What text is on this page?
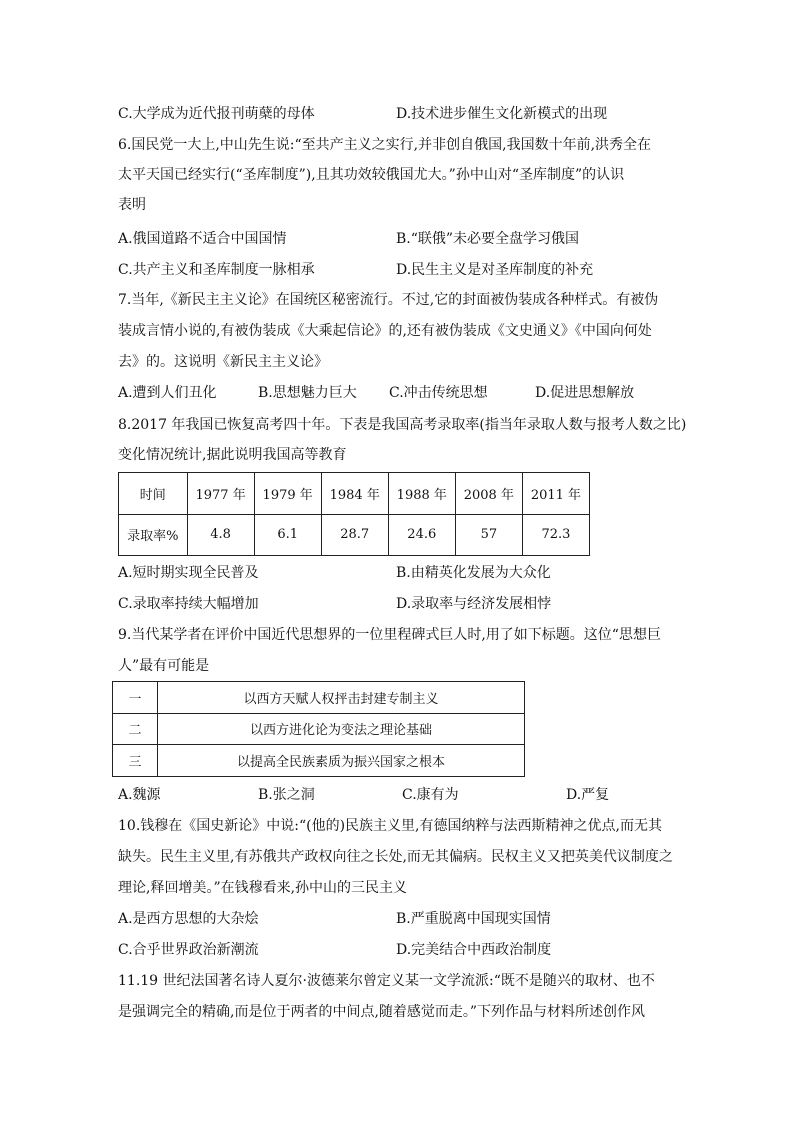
C.大学成为近代报刊萌蘖的母体	D.技术进步催生文化新模式的出现
6.国民党一大上,中山先生说:“至共产主义之实行,并非创自俄国,我国数十年前,洪秀全在
太平天国已经实行(“圣库制度”),且其功效较俄国尤大。”孙中山对“圣库制度”的认识
表明
A.俄国道路不适合中国国情	B.“联俄”未必要全盘学习俄国
C.共产主义和圣库制度一脉相承	D.民生主义是对圣库制度的补充
7.当年,《新民主主义论》在国统区秘密流行。不过,它的封面被伪装成各种样式。有被伪
装成言情小说的,有被伪装成《大乘起信论》的,还有被伪装成《文史通义》《中国向何处
去》的。这说明《新民主主义论》
A.遭到人们丑化	B.思想魅力巨大 C.冲击传统思想	D.促进思想解放
8.2017 年我国已恢复高考四十年。下表是我国高考录取率(指当年录取人数与报考人数之比)
变化情况统计,据此说明我国高等教育
时间	1977 年	1979 年	1984 年	1988 年	2008 年	2011 年
录取率%	4.8	6.1	28.7	24.6	57	72.3
A.短时期实现全民普及	B.由精英化发展为大众化
C.录取率持续大幅增加	D.录取率与经济发展相悖
9.当代某学者在评价中国近代思想界的一位里程碑式巨人时,用了如下标题。这位“思想巨
人”最有可能是
一	以西方天赋人权抨击封建专制主义
二	以西方进化论为变法之理论基础
三	以提高全民族素质为振兴国家之根本
A.魏源	B.张之洞	C.康有为	D.严复
10.钱穆在《国史新论》中说:“(他的)民族主义里,有德国纳粹与法西斯精神之优点,而无其
缺失。民生主义里,有苏俄共产政权向往之长处,而无其偏病。民权主义又把英美代议制度之
理论,释回增美。”在钱穆看来,孙中山的三民主义
A.是西方思想的大杂烩	B.严重脱离中国现实国情
C.合乎世界政治新潮流	D.完美结合中西政治制度
11.19 世纪法国著名诗人夏尔·波德莱尔曾定义某一文学流派:“既不是随兴的取材、也不
是强调完全的精确,而是位于两者的中间点,随着感觉而走。”下列作品与材料所述创作风
